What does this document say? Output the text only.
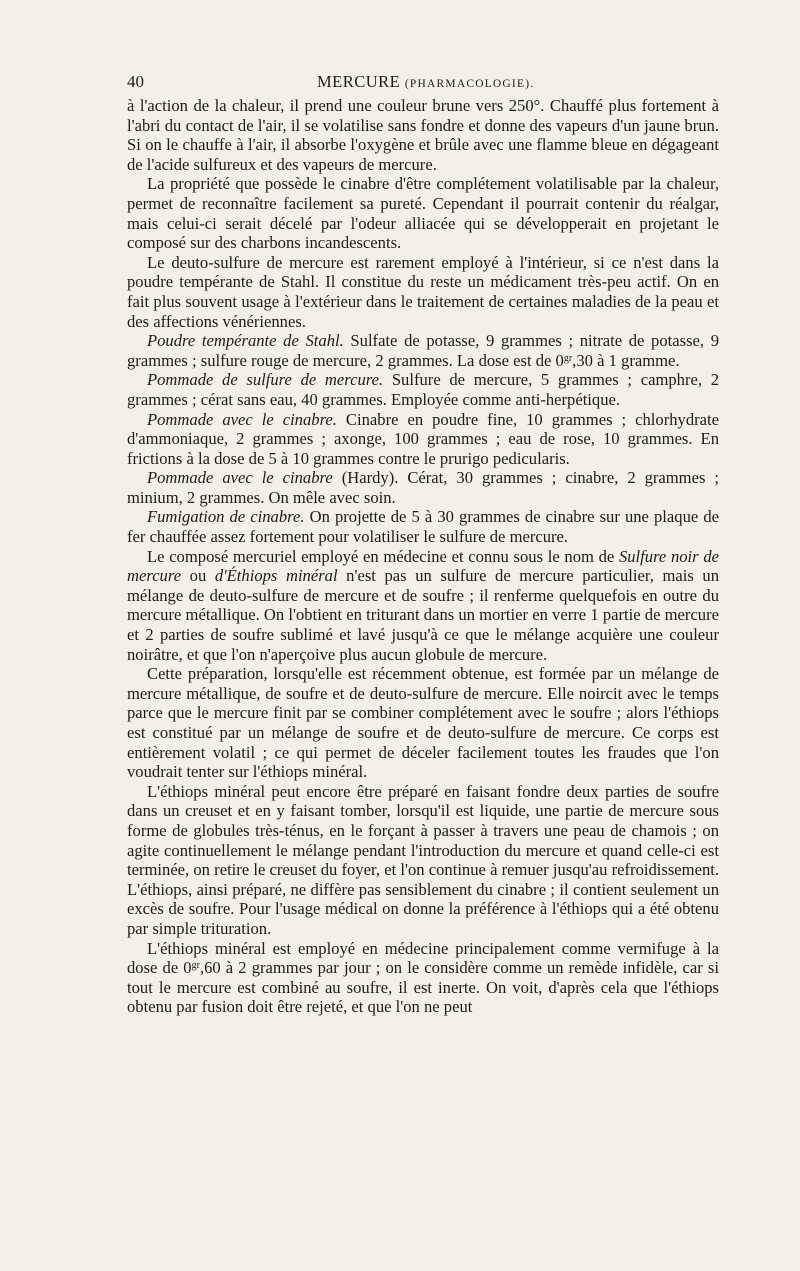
40	MERCURE (PHARMACOLOGIE).

à l'action de la chaleur, il prend une couleur brune vers 250°. Chauffé plus fortement à l'abri du contact de l'air, il se volatilise sans fondre et donne des vapeurs d'un jaune brun. Si on le chauffe à l'air, il absorbe l'oxygène et brûle avec une flamme bleue en dégageant de l'acide sulfureux et des vapeurs de mercure.

La propriété que possède le cinabre d'être complétement volatilisable par la chaleur, permet de reconnaître facilement sa pureté. Cependant il pourrait contenir du réalgar, mais celui-ci serait décelé par l'odeur alliacée qui se développerait en projetant le composé sur des charbons incandescents.

Le deuto-sulfure de mercure est rarement employé à l'intérieur, si ce n'est dans la poudre tempérante de Stahl. Il constitue du reste un médicament très-peu actif. On en fait plus souvent usage à l'extérieur dans le traitement de certaines maladies de la peau et des affections vénériennes.

Poudre tempérante de Stahl. Sulfate de potasse, 9 grammes ; nitrate de potasse, 9 grammes ; sulfure rouge de mercure, 2 grammes. La dose est de $0^{gr},30$ à 1 gramme.

Pommade de sulfure de mercure. Sulfure de mercure, 5 grammes ; camphre, 2 grammes ; cérat sans eau, 40 grammes. Employée comme anti-herpétique.

Pommade avec le cinabre. Cinabre en poudre fine, 10 grammes ; chlorhydrate d'ammoniaque, 2 grammes ; axonge, 100 grammes ; eau de rose, 10 grammes. En frictions à la dose de 5 à 10 grammes contre le prurigo pedicularis.

Pommade avec le cinabre (Hardy). Cérat, 30 grammes ; cinabre, 2 grammes ; minium, 2 grammes. On mêle avec soin.

Fumigation de cinabre. On projette de 5 à 30 grammes de cinabre sur une plaque de fer chauffée assez fortement pour volatiliser le sulfure de mercure.

Le composé mercuriel employé en médecine et connu sous le nom de Sulfure noir de mercure ou d'Éthiops minéral n'est pas un sulfure de mercure particulier, mais un mélange de deuto-sulfure de mercure et de soufre ; il renferme quelquefois en outre du mercure métallique. On l'obtient en triturant dans un mortier en verre 1 partie de mercure et 2 parties de soufre sublimé et lavé jusqu'à ce que le mélange acquière une couleur noirâtre, et que l'on n'aperçoive plus aucun globule de mercure.

Cette préparation, lorsqu'elle est récemment obtenue, est formée par un mélange de mercure métallique, de soufre et de deuto-sulfure de mercure. Elle noircit avec le temps parce que le mercure finit par se combiner complétement avec le soufre ; alors l'éthiops est constitué par un mélange de soufre et de deuto-sulfure de mercure. Ce corps est entièrement volatil ; ce qui permet de déceler facilement toutes les fraudes que l'on voudrait tenter sur l'éthiops minéral.

L'éthiops minéral peut encore être préparé en faisant fondre deux parties de soufre dans un creuset et en y faisant tomber, lorsqu'il est liquide, une partie de mercure sous forme de globules très-ténus, en le forçant à passer à travers une peau de chamois ; on agite continuellement le mélange pendant l'introduction du mercure et quand celle-ci est terminée, on retire le creuset du foyer, et l'on continue à remuer jusqu'au refroidissement. L'éthiops, ainsi préparé, ne diffère pas sensiblement du cinabre ; il contient seulement un excès de soufre. Pour l'usage médical on donne la préférence à l'éthiops qui a été obtenu par simple trituration.

L'éthiops minéral est employé en médecine principalement comme vermifuge à la dose de $0^{gr},60$ à 2 grammes par jour ; on le considère comme un remède infidèle, car si tout le mercure est combiné au soufre, il est inerte. On voit, d'après cela que l'éthiops obtenu par fusion doit être rejeté, et que l'on ne peut
